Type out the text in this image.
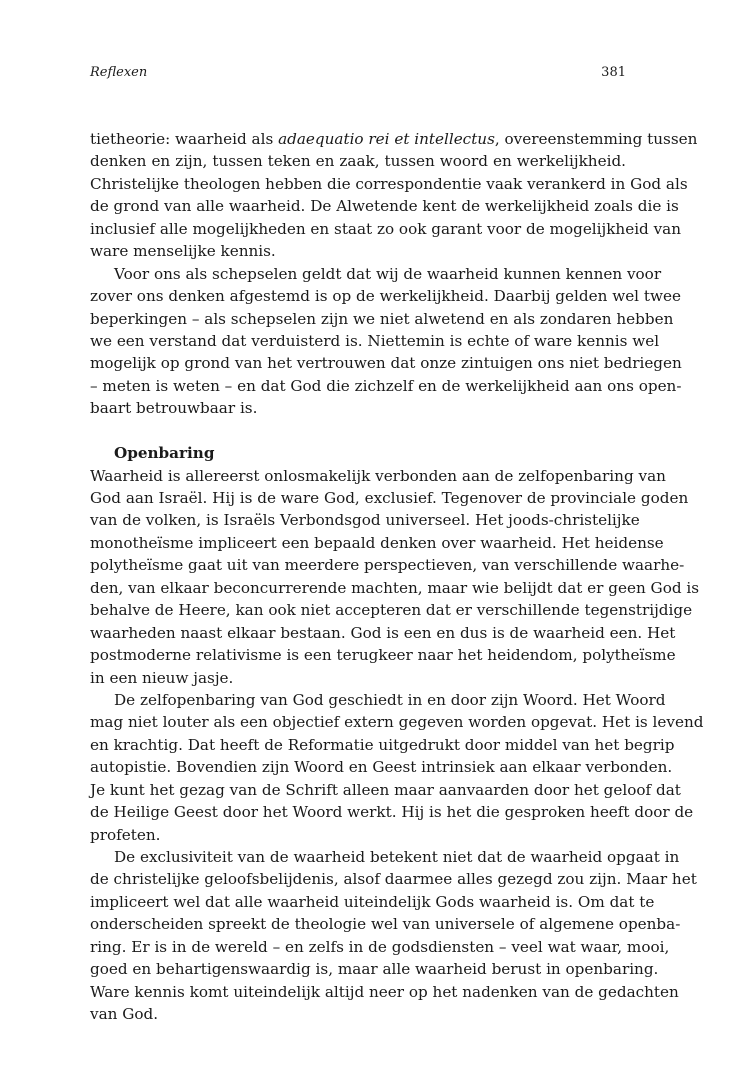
Reflexen	381
tietheorie: waarheid als adaequatio rei et intellectus, overeenstemming tussen
denken en zijn, tussen teken en zaak, tussen woord en werkelijkheid.
Christelijke theologen hebben die correspondentie vaak verankerd in God als
de grond van alle waarheid. De Alwetende kent de werkelijkheid zoals die is
inclusief alle mogelijkheden en staat zo ook garant voor de mogelijkheid van
ware menselijke kennis.
Voor ons als schepselen geldt dat wij de waarheid kunnen kennen voor
zover ons denken afgestemd is op de werkelijkheid. Daarbij gelden wel twee
beperkingen – als schepselen zijn we niet alwetend en als zondaren hebben
we een verstand dat verduisterd is. Niettemin is echte of ware kennis wel
mogelijk op grond van het vertrouwen dat onze zintuigen ons niet bedriegen
– meten is weten – en dat God die zichzelf en de werkelijkheid aan ons open-
baart betrouwbaar is.
Openbaring
Waarheid is allereerst onlosmakelijk verbonden aan de zelfopenbaring van
God aan Israël. Hij is de ware God, exclusief. Tegenover de provinciale goden
van de volken, is Israëls Verbondsgod universeel. Het joods-christelijke
monotheïsme impliceert een bepaald denken over waarheid. Het heidense
polytheïsme gaat uit van meerdere perspectieven, van verschillende waarhe-
den, van elkaar beconcurrerende machten, maar wie belijdt dat er geen God is
behalve de Heere, kan ook niet accepteren dat er verschillende tegenstrijdige
waarheden naast elkaar bestaan. God is een en dus is de waarheid een. Het
postmoderne relativisme is een terugkeer naar het heidendom, polytheïsme
in een nieuw jasje.
De zelfopenbaring van God geschiedt in en door zijn Woord. Het Woord
mag niet louter als een objectief extern gegeven worden opgevat. Het is levend
en krachtig. Dat heeft de Reformatie uitgedrukt door middel van het begrip
autopistie. Bovendien zijn Woord en Geest intrinsiek aan elkaar verbonden.
Je kunt het gezag van de Schrift alleen maar aanvaarden door het geloof dat
de Heilige Geest door het Woord werkt. Hij is het die gesproken heeft door de
profeten.
De exclusiviteit van de waarheid betekent niet dat de waarheid opgaat in
de christelijke geloofsbelijdenis, alsof daarmee alles gezegd zou zijn. Maar het
impliceert wel dat alle waarheid uiteindelijk Gods waarheid is. Om dat te
onderscheiden spreekt de theologie wel van universele of algemene openba-
ring. Er is in de wereld – en zelfs in de godsdiensten – veel wat waar, mooi,
goed en behartigenswaardig is, maar alle waarheid berust in openbaring.
Ware kennis komt uiteindelijk altijd neer op het nadenken van de gedachten
van God.
